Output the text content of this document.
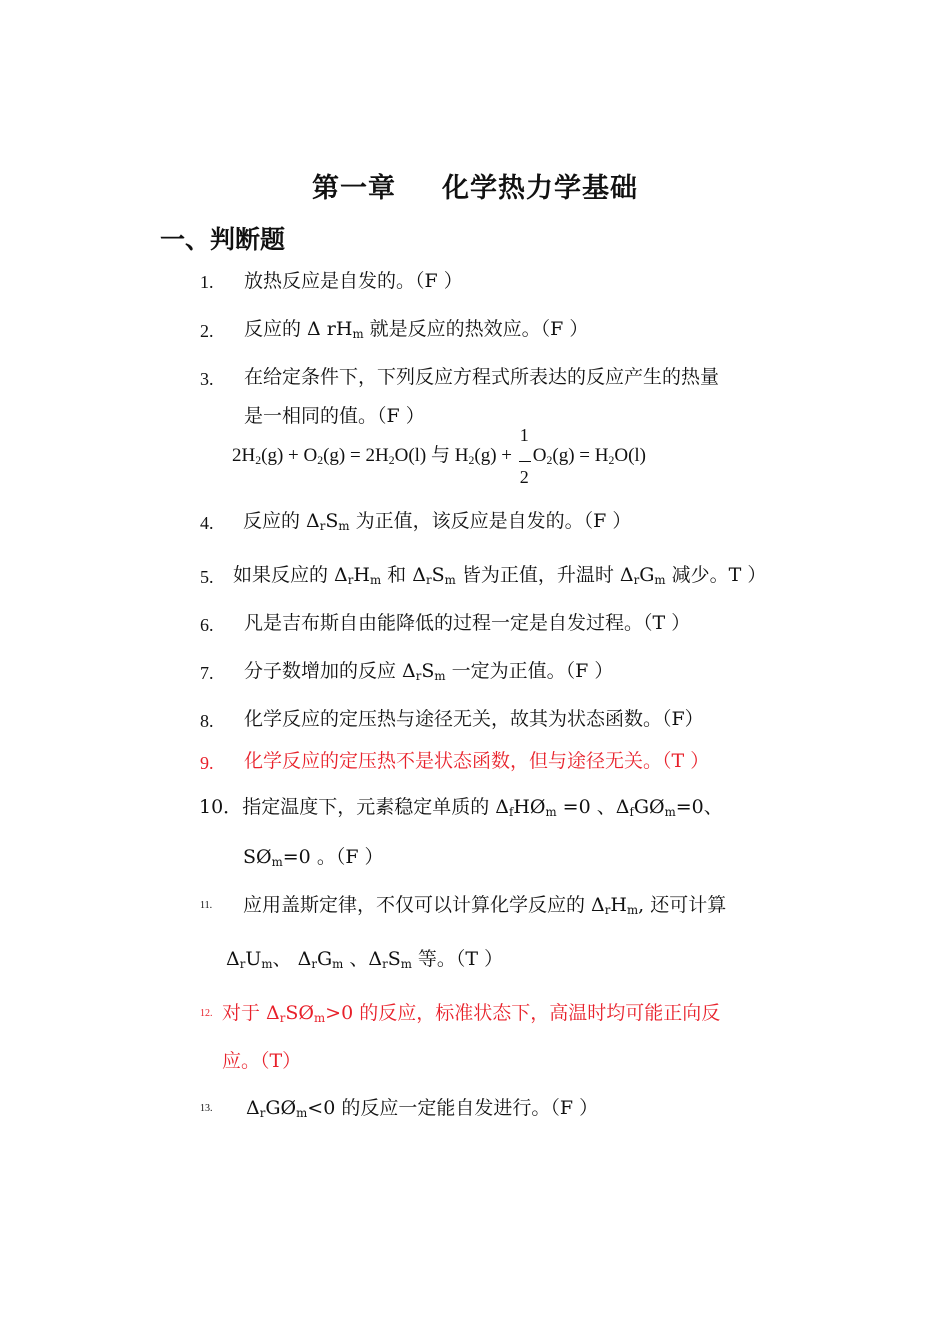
第一章 化学热力学基础
一、判断题
1. 放热反应是自发的。（F ）
2. 反应的 Δ $rH_m$ 就是反应的热效应。（F ）
3. 在给定条件下，下列反应方程式所表达的反应产生的热量
是一相同的值。（F ）
$2H_2(g) + O_2(g) = 2H_2O(l)$ 与 $H_2(g) + \frac{1}{2} O_2(g) = H_2O(l)$
4. 反应的 $\Delta_rS_m$ 为正值，该反应是自发的。（F ）
5. 如果反应的 $\Delta_rH_m$ 和 $\Delta_rS_m$ 皆为正值，升温时 $\Delta_rG_m$ 减少。T ）
6. 凡是吉布斯自由能降低的过程一定是自发过程。（T ）
7. 分子数增加的反应 $\Delta_rS_m$ 一定为正值。（F ）
8. 化学反应的定压热与途径无关，故其为状态函数。（F）
9. 化学反应的定压热不是状态函数，但与途径无关。（T ）
10．指定温度下，元素稳定单质的 $\Delta_fHØ_m =0$ 、$\Delta_fGØ_m=0$、
$SØ_m=0$ 。（F ）
11. 应用盖斯定律，不仅可以计算化学反应的 $\Delta_rH_m$, 还可计算
$\Delta_rU_m$、 $\Delta_rG_m$ 、$\Delta_rS_m$ 等。（T ）
12. 对于 $\Delta_rSØ_m>0$ 的反应，标准状态下，高温时均可能正向反
应。（T）
13. $\Delta_rGØ_m<0$ 的反应一定能自发进行。（F ）
